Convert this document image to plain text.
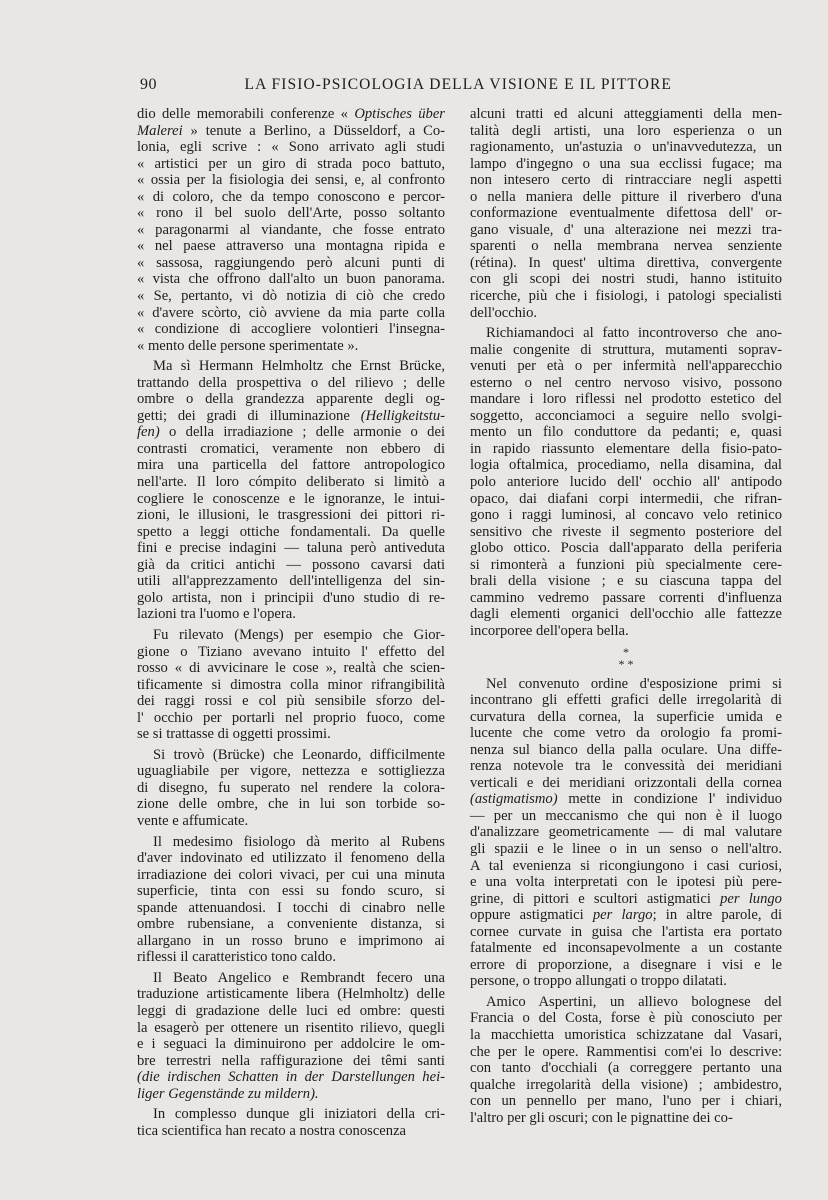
90	LA FISIO-PSICOLOGIA DELLA VISIONE E IL PITTORE

dio delle memorabili conferenze « Optisches über
Malerei » tenute a Berlino, a Düsseldorf, a Co-
lonia, egli scrive : « Sono arrivato agli studi
« artistici per un giro di strada poco battuto,
« ossia per la fisiologia dei sensi, e, al confronto
« di coloro, che da tempo conoscono e percor-
« rono il bel suolo dell'Arte, posso soltanto
« paragonarmi al viandante, che fosse entrato
« nel paese attraverso una montagna ripida e
« sassosa, raggiungendo però alcuni punti di
« vista che offrono dall'alto un buon panorama.
« Se, pertanto, vi dò notizia di ciò che credo
« d'avere scòrto, ciò avviene da mia parte colla
« condizione di accogliere volontieri l'insegna-
« mento delle persone sperimentate ».

Ma sì Hermann Helmholtz che Ernst Brücke,
trattando della prospettiva o del rilievo ; delle
ombre o della grandezza apparente degli og-
getti; dei gradi di illuminazione (Helligkeitstu-
fen) o della irradiazione ; delle armonie o dei
contrasti cromatici, veramente non ebbero di
mira una particella del fattore antropologico
nell'arte. Il loro cómpito deliberato si limitò a
cogliere le conoscenze e le ignoranze, le intui-
zioni, le illusioni, le trasgressioni dei pittori ri-
spetto a leggi ottiche fondamentali. Da quelle
fini e precise indagini — taluna però antiveduta
già da critici antichi — possono cavarsi dati
utili all'apprezzamento dell'intelligenza del sin-
golo artista, non i principii d'uno studio di re-
lazioni tra l'uomo e l'opera.

Fu rilevato (Mengs) per esempio che Gior-
gione o Tiziano avevano intuito l' effetto del
rosso « di avvicinare le cose », realtà che scien-
tificamente si dimostra colla minor rifrangibilità
dei raggi rossi e col più sensibile sforzo del-
l' occhio per portarli nel proprio fuoco, come
se si trattasse di oggetti prossimi.

Si trovò (Brücke) che Leonardo, difficilmente
uguagliabile per vigore, nettezza e sottigliezza
di disegno, fu superato nel rendere la colora-
zione delle ombre, che in lui son torbide so-
vente e affumicate.

Il medesimo fisiologo dà merito al Rubens
d'aver indovinato ed utilizzato il fenomeno della
irradiazione dei colori vivaci, per cui una minuta
superficie, tinta con essi su fondo scuro, si
spande attenuandosi. I tocchi di cinabro nelle
ombre rubensiane, a conveniente distanza, si
allargano in un rosso bruno e imprimono ai
riflessi il caratteristico tono caldo.

Il Beato Angelico e Rembrandt fecero una
traduzione artisticamente libera (Helmholtz) delle
leggi di gradazione delle luci ed ombre: questi
la esagerò per ottenere un risentito rilievo, quegli
e i seguaci la diminuirono per addolcire le om-
bre terrestri nella raffigurazione dei têmi santi
(die irdischen Schatten in der Darstellungen hei-
liger Gegenstände zu mildern).

In complesso dunque gli iniziatori della cri-
tica scientifica han recato a nostra conoscenza

alcuni tratti ed alcuni atteggiamenti della men-
talità degli artisti, una loro esperienza o un
ragionamento, un'astuzia o un'inavvedutezza, un
lampo d'ingegno o una sua ecclissi fugace; ma
non intesero certo di rintracciare negli aspetti
o nella maniera delle pitture il riverbero d'una
conformazione eventualmente difettosa dell' or-
gano visuale, d' una alterazione nei mezzi tra-
sparenti o nella membrana nervea senziente
(rétina). In quest' ultima direttiva, convergente
con gli scopi dei nostri studi, hanno istituito
ricerche, più che i fisiologi, i patologi specialisti
dell'occhio.

Richiamandoci al fatto incontroverso che ano-
malie congenite di struttura, mutamenti soprav-
venuti per età o per infermità nell'apparecchio
esterno o nel centro nervoso visivo, possono
mandare i loro riflessi nel prodotto estetico del
soggetto, acconciamoci a seguire nello svolgi-
mento un filo conduttore da pedanti; e, quasi
in rapido riassunto elementare della fisio-pato-
logia oftalmica, procediamo, nella disamina, dal
polo anteriore lucido dell' occhio all' antipodo
opaco, dai diafani corpi intermedii, che rifran-
gono i raggi luminosi, al concavo velo retinico
sensitivo che riveste il segmento posteriore del
globo ottico. Poscia dall'apparato della periferia
si rimonterà a funzioni più specialmente cere-
brali della visione ; e su ciascuna tappa del
cammino vedremo passare correnti d'influenza
dagli elementi organici dell'occhio alle fattezze
incorporee dell'opera bella.

*
* *

Nel convenuto ordine d'esposizione primi si
incontrano gli effetti grafici delle irregolarità di
curvatura della cornea, la superficie umida e
lucente che come vetro da orologio fa promi-
nenza sul bianco della palla oculare. Una diffe-
renza notevole tra le convessità dei meridiani
verticali e dei meridiani orizzontali della cornea
(astigmatismo) mette in condizione l' individuo
— per un meccanismo che qui non è il luogo
d'analizzare geometricamente — di mal valutare
gli spazii e le linee o in un senso o nell'altro.
A tal evenienza si ricongiungono i casi curiosi,
e una volta interpretati con le ipotesi più pere-
grine, di pittori e scultori astigmatici per lungo
oppure astigmatici per largo; in altre parole, di
cornee curvate in guisa che l'artista era portato
fatalmente ed inconsapevolmente a un costante
errore di proporzione, a disegnare i visi e le
persone, o troppo allungati o troppo dilatati.

Amico Aspertini, un allievo bolognese del
Francia o del Costa, forse è più conosciuto per
la macchietta umoristica schizzatane dal Vasari,
che per le opere. Rammentisi com'ei lo descrive:
con tanto d'occhiali (a correggere pertanto una
qualche irregolarità della visione) ; ambidestro,
con un pennello per mano, l'uno per i chiari,
l'altro per gli oscuri; con le pignattine dei co-
